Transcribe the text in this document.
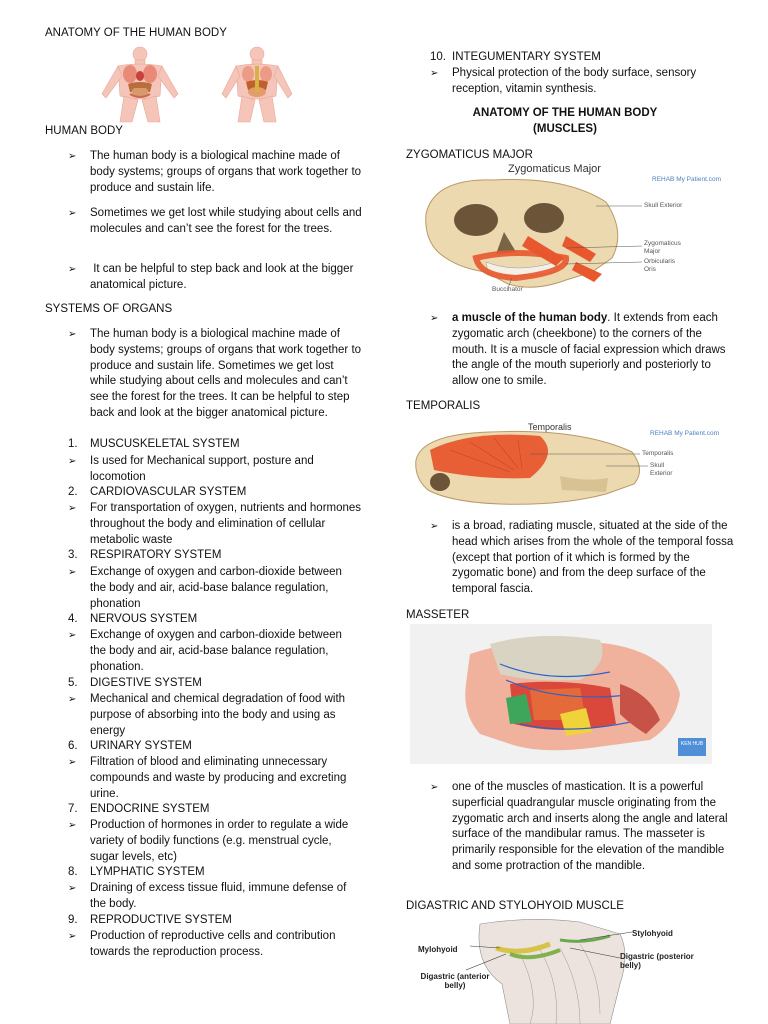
ANATOMY OF THE HUMAN BODY
HUMAN BODY
➢ The human body is a biological machine made of body systems; groups of organs that work together to produce and sustain life.
➢ Sometimes we get lost while studying about cells and molecules and can’t see the forest for the trees.
➢ It can be helpful to step back and look at the bigger anatomical picture.
SYSTEMS OF ORGANS
➢ The human body is a biological machine made of body systems; groups of organs that work together to produce and sustain life. Sometimes we get lost while studying about cells and molecules and can’t see the forest for the trees. It can be helpful to step back and look at the bigger anatomical picture.
1. MUSCUSKELETAL SYSTEM
➢ Is used for Mechanical support, posture and locomotion
2. CARDIOVASCULAR SYSTEM
➢ For transportation of oxygen, nutrients and hormones throughout the body and elimination of cellular metabolic waste
3. RESPIRATORY SYSTEM
➢ Exchange of oxygen and carbon-dioxide between the body and air, acid-base balance regulation, phonation
4. NERVOUS SYSTEM
➢ Exchange of oxygen and carbon-dioxide between the body and air, acid-base balance regulation, phonation.
5. DIGESTIVE SYSTEM
➢ Mechanical and chemical degradation of food with purpose of absorbing into the body and using as energy
6. URINARY SYSTEM
➢ Filtration of blood and eliminating unnecessary compounds and waste by producing and excreting urine.
7. ENDOCRINE SYSTEM
➢ Production of hormones in order to regulate a wide variety of bodily functions (e.g. menstrual cycle, sugar levels, etc)
8. LYMPHATIC SYSTEM
➢ Draining of excess tissue fluid, immune defense of the body.
9. REPRODUCTIVE SYSTEM
➢ Production of reproductive cells and contribution towards the reproduction process.
10. INTEGUMENTARY SYSTEM
➢ Physical protection of the body surface, sensory reception, vitamin synthesis.
ANATOMY OF THE HUMAN BODY
(MUSCLES)
ZYGOMATICUS MAJOR
Zygomaticus Major
REHAB My Patient.com
Skull Exterior
Zygomaticus Major
Orbicularis Oris
Buccinator
➢ a muscle of the human body. It extends from each zygomatic arch (cheekbone) to the corners of the mouth. It is a muscle of facial expression which draws the angle of the mouth superiorly and posteriorly to allow one to smile.
TEMPORALIS
Temporalis
REHAB My Patient.com
Temporalis
Skull Exterior
➢ is a broad, radiating muscle, situated at the side of the head which arises from the whole of the temporal fossa (except that portion of it which is formed by the zygomatic bone) and from the deep surface of the temporal fascia.
MASSETER
KEN HUB
➢ one of the muscles of mastication. It is a powerful superficial quadrangular muscle originating from the zygomatic arch and inserts along the angle and lateral surface of the mandibular ramus. The masseter is primarily responsible for the elevation of the mandible and some protraction of the mandible.
DIGASTRIC AND STYLOHYOID MUSCLE
Stylohyoid
Mylohyoid
Digastric (posterior belly)
Digastric (anterior belly)
